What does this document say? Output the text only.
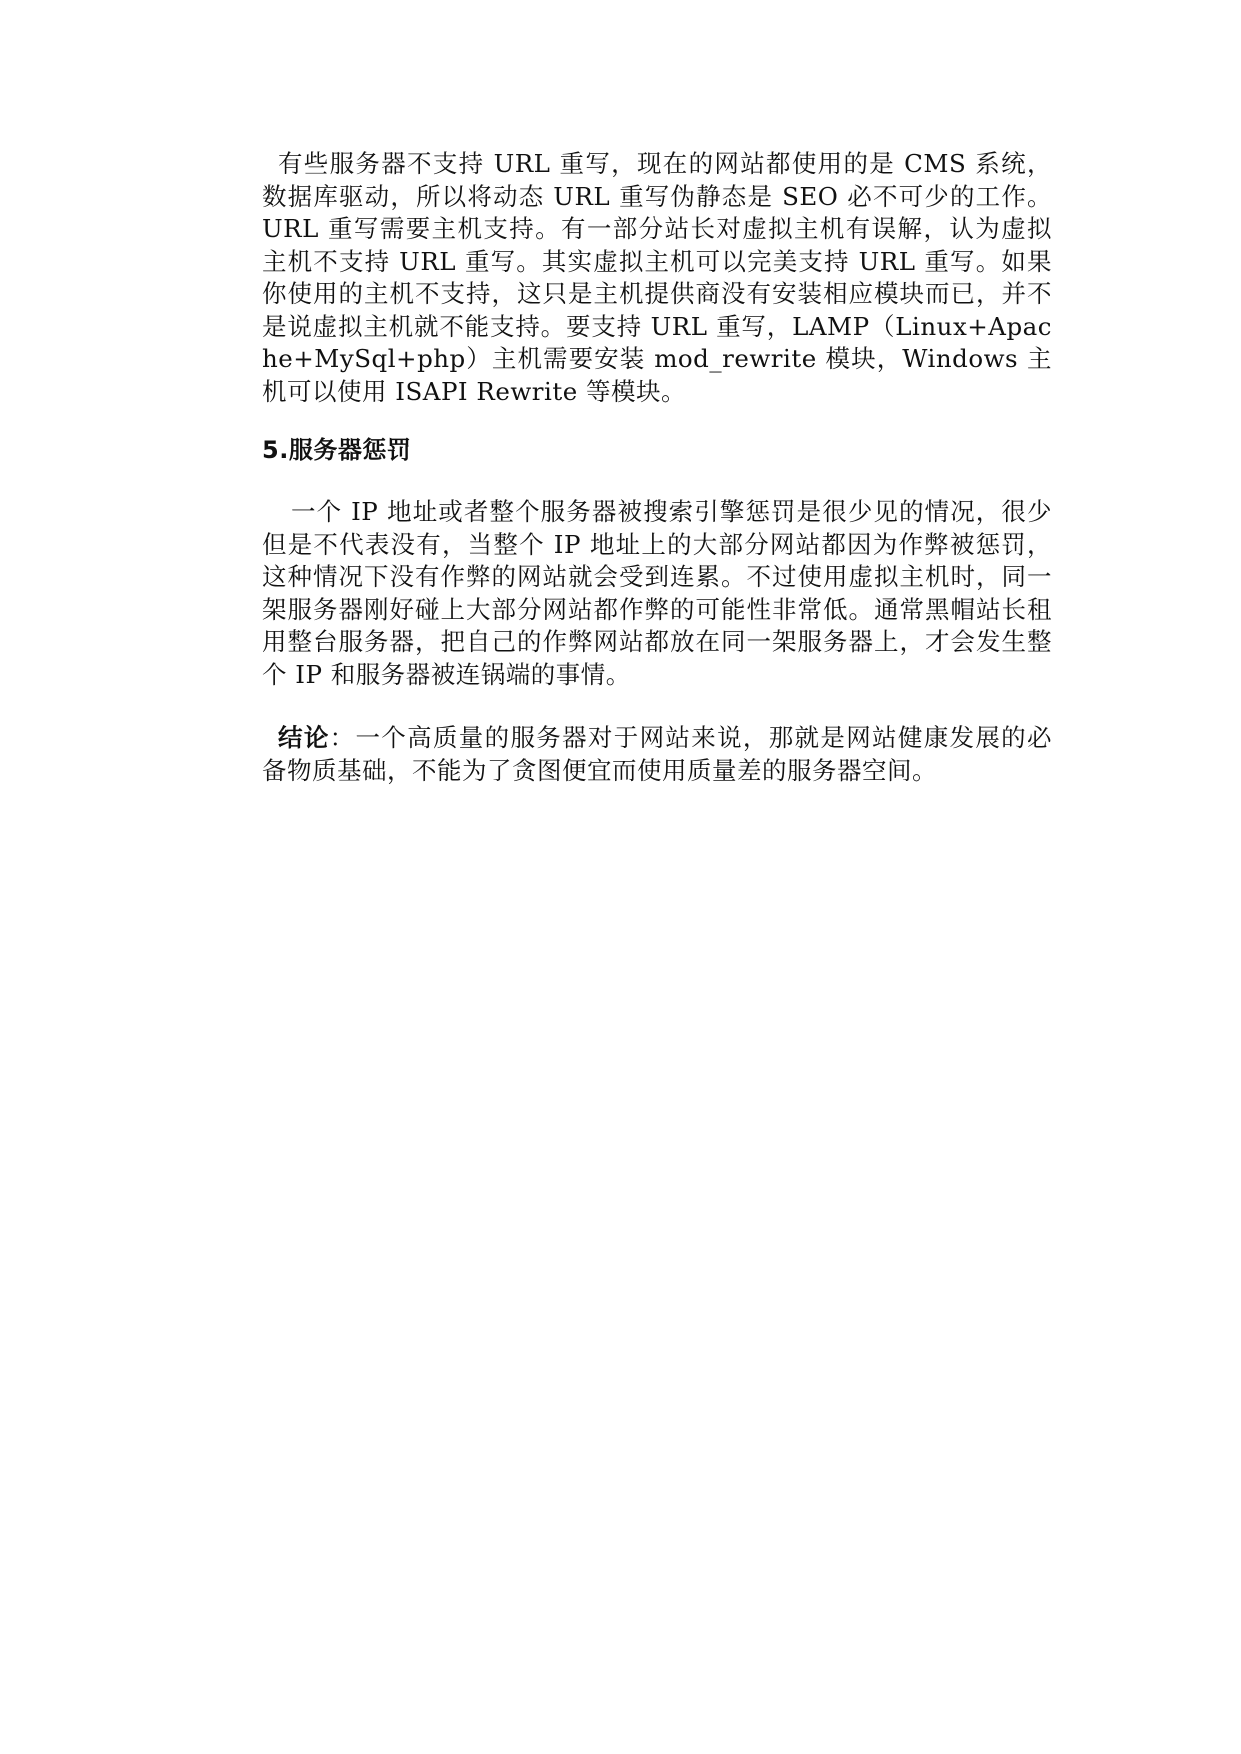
有些服务器不支持 URL 重写，现在的网站都使用的是 CMS 系统，数据库驱动，所以将动态 URL 重写伪静态是 SEO 必不可少的工作。URL 重写需要主机支持。有一部分站长对虚拟主机有误解，认为虚拟主机不支持 URL 重写。其实虚拟主机可以完美支持 URL 重写。如果你使用的主机不支持，这只是主机提供商没有安装相应模块而已，并不是说虚拟主机就不能支持。要支持 URL 重写，LAMP（Linux+Apache+MySql+php）主机需要安装 mod_rewrite 模块，Windows 主机可以使用 ISAPI Rewrite 等模块。

5.服务器惩罚

一个 IP 地址或者整个服务器被搜索引擎惩罚是很少见的情况，很少但是不代表没有，当整个 IP 地址上的大部分网站都因为作弊被惩罚，这种情况下没有作弊的网站就会受到连累。不过使用虚拟主机时，同一架服务器刚好碰上大部分网站都作弊的可能性非常低。通常黑帽站长租用整台服务器，把自己的作弊网站都放在同一架服务器上，才会发生整个 IP 和服务器被连锅端的事情。

结论：一个高质量的服务器对于网站来说，那就是网站健康发展的必备物质基础，不能为了贪图便宜而使用质量差的服务器空间。
